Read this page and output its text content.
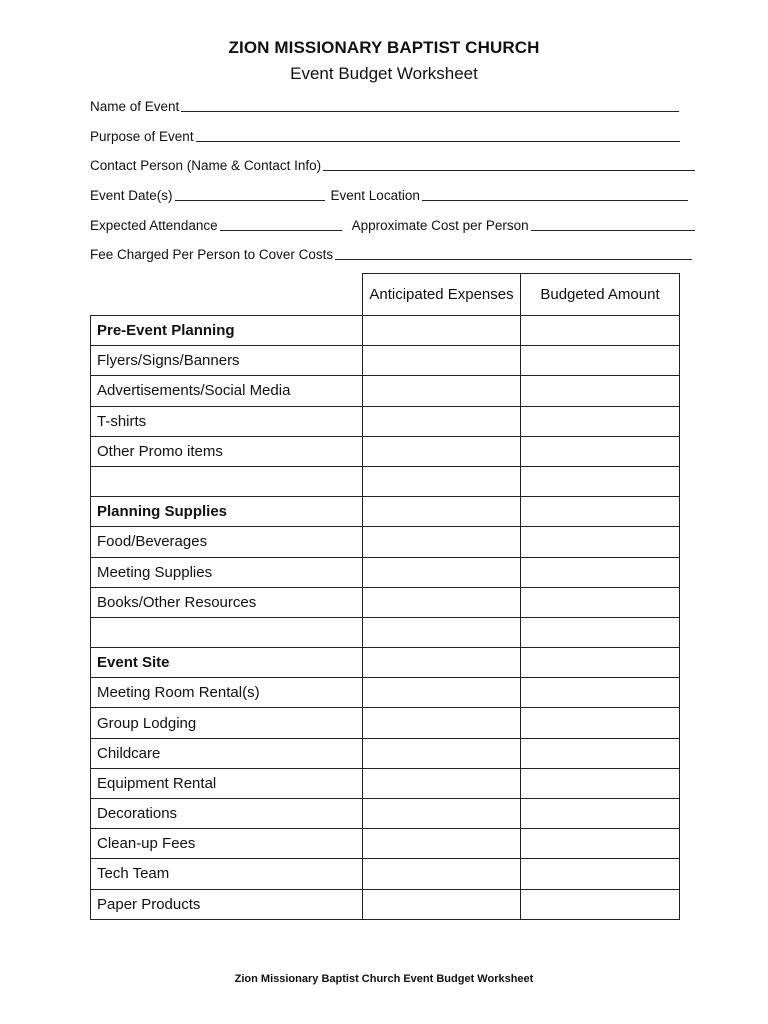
ZION MISSIONARY BAPTIST CHURCH
Event Budget Worksheet
Name of Event
Purpose of Event
Contact Person (Name & Contact Info)
Event Date(s)	Event Location
Expected Attendance	Approximate Cost per Person
Fee Charged Per Person to Cover Costs
	Anticipated Expenses	Budgeted Amount
Pre-Event Planning		
Flyers/Signs/Banners		
Advertisements/Social Media		
T-shirts		
Other Promo items		

Planning Supplies		
Food/Beverages		
Meeting Supplies		
Books/Other Resources		

Event Site		
Meeting Room Rental(s)		
Group Lodging		
Childcare		
Equipment Rental		
Decorations		
Clean-up Fees		
Tech Team		
Paper Products		
Zion Missionary Baptist Church Event Budget Worksheet
